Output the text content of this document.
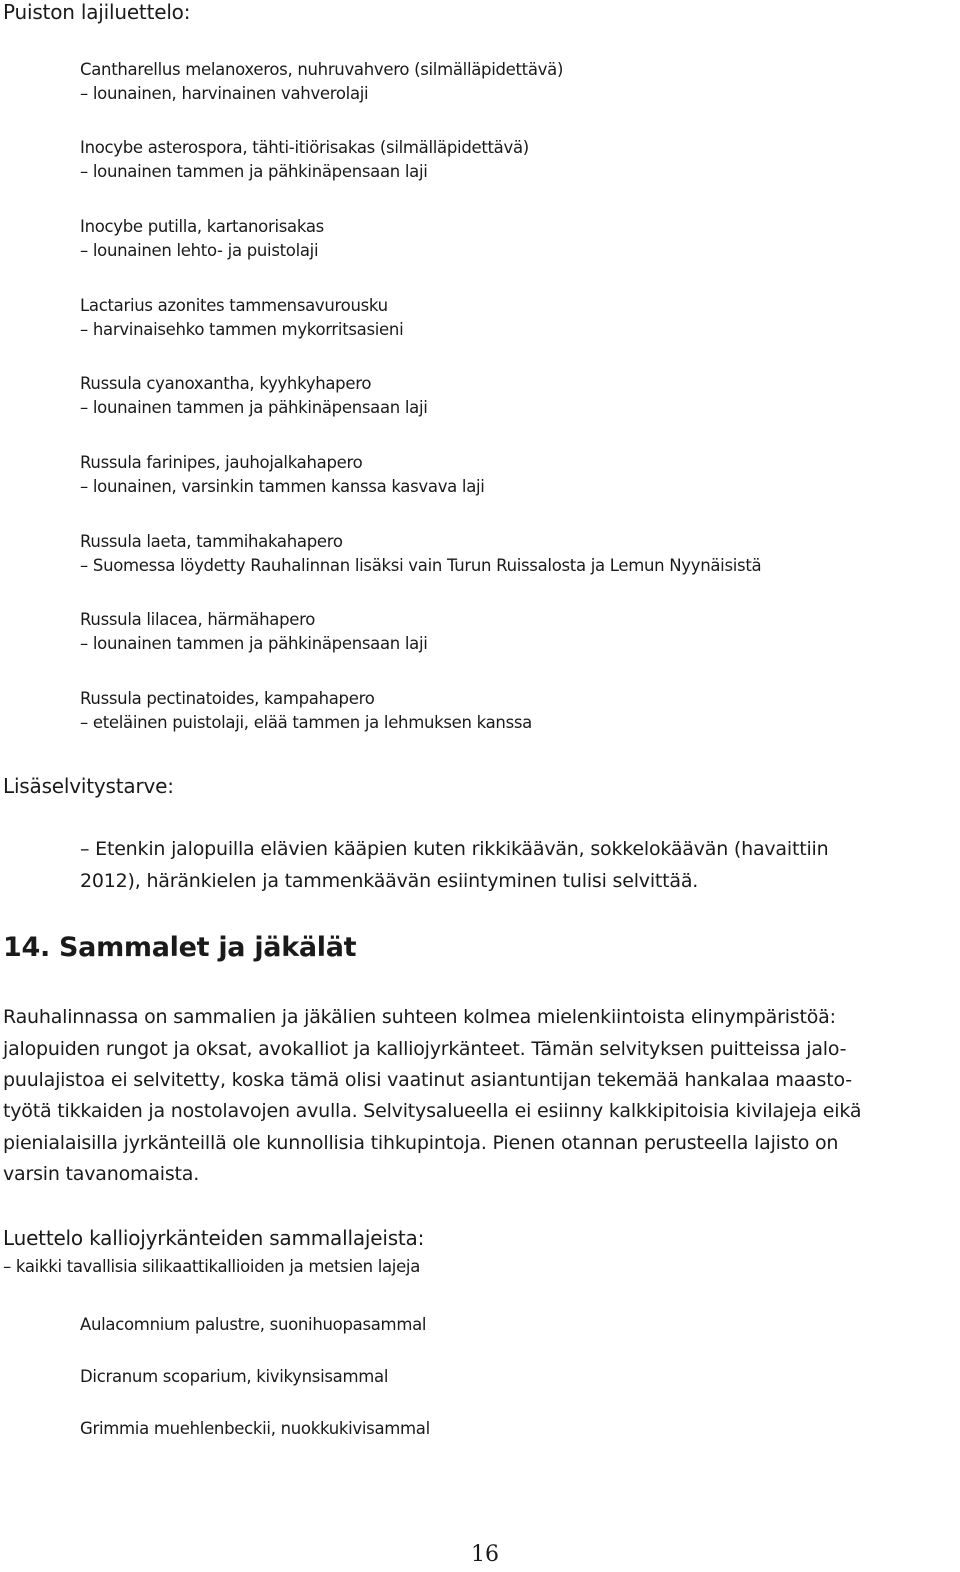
Puiston lajiluettelo:
Cantharellus melanoxeros, nuhruvahvero (silmälläpidettävä)
– lounainen, harvinainen vahverolaji
Inocybe asterospora, tähti-itiörisakas (silmälläpidettävä)
– lounainen tammen ja pähkinäpensaan laji
Inocybe putilla, kartanorisakas
– lounainen lehto- ja puistolaji
Lactarius azonites tammensavurousku
– harvinaisehko tammen mykorritsasieni
Russula cyanoxantha, kyyhkyhapero
– lounainen tammen ja pähkinäpensaan laji
Russula farinipes, jauhojalkahapero
– lounainen, varsinkin tammen kanssa kasvava laji
Russula laeta, tammihakahapero
– Suomessa löydetty Rauhalinnan lisäksi vain Turun Ruissalosta ja Lemun Nyynäisistä
Russula lilacea, härmähapero
– lounainen tammen ja pähkinäpensaan laji
Russula pectinatoides, kampahapero
– eteläinen puistolaji, elää tammen ja lehmuksen kanssa
Lisäselvitystarve:
– Etenkin jalopuilla elävien kääpien kuten rikkikäävän, sokkelokäävän (havaittiin
2012), häränkielen ja tammenkäävän esiintyminen tulisi selvittää.
14. Sammalet ja jäkälät
Rauhalinnassa on sammalien ja jäkälien suhteen kolmea mielenkiintoista elinympäristöä:
jalopuiden rungot ja oksat, avokalliot ja kalliojyrkänteet. Tämän selvityksen puitteissa jalo-
puulajistoa ei selvitetty, koska tämä olisi vaatinut asiantuntijan tekemää hankalaa maasto-
työtä tikkaiden ja nostolavojen avulla. Selvitysalueella ei esiinny kalkkipitoisia kivilajeja eikä
pienialaisilla jyrkänteillä ole kunnollisia tihkupintoja. Pienen otannan perusteella lajisto on
varsin tavanomaista.
Luettelo kalliojyrkänteiden sammallajeista:
– kaikki tavallisia silikaattikallioiden ja metsien lajeja
Aulacomnium palustre, suonihuopasammal
Dicranum scoparium, kivikynsisammal
Grimmia muehlenbeckii, nuokkukivisammal
16
